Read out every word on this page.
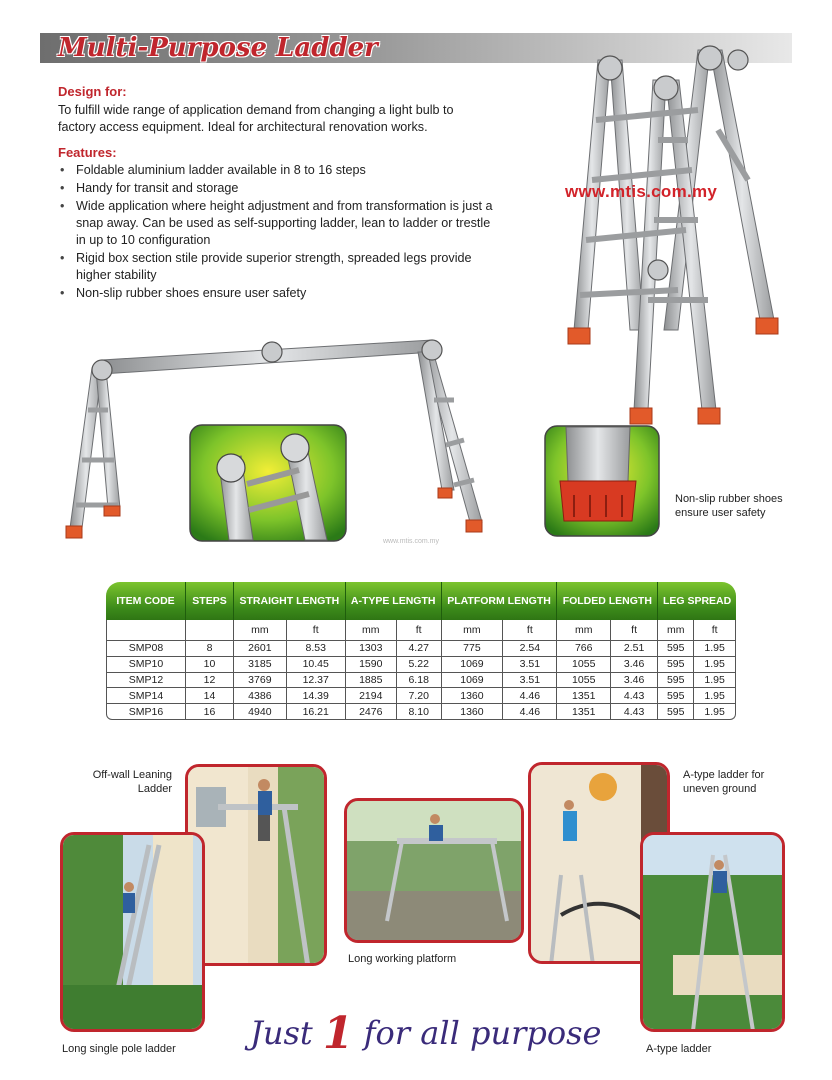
Multi-Purpose Ladder
Design for:
To fulfill wide range of application demand from changing a light bulb to factory access equipment. Ideal for architectural renovation works.
Features:
• Foldable aluminium ladder available in 8 to 16 steps
• Handy for transit and storage
• Wide application where height adjustment and from transformation is just a snap away. Can be used as self-supporting ladder, lean to ladder or trestle in up to 10 configuration
• Rigid box section stile provide superior strength, spreaded legs provide higher stability
• Non-slip rubber shoes ensure user safety
www.mtis.com.my
Non-slip rubber shoes ensure user safety
www.mtis.com.my
ITEM CODE	STEPS	STRAIGHT LENGTH		A-TYPE LENGTH		PLATFORM LENGTH		FOLDED LENGTH		LEG SPREAD	
		mm	ft	mm	ft	mm	ft	mm	ft	mm	ft
SMP08	8	2601	8.53	1303	4.27	775	2.54	766	2.51	595	1.95
SMP10	10	3185	10.45	1590	5.22	1069	3.51	1055	3.46	595	1.95
SMP12	12	3769	12.37	1885	6.18	1069	3.51	1055	3.46	595	1.95
SMP14	14	4386	14.39	2194	7.20	1360	4.46	1351	4.43	595	1.95
SMP16	16	4940	16.21	2476	8.10	1360	4.46	1351	4.43	595	1.95
Off-wall Leaning Ladder
Long single pole ladder
Long working platform
A-type ladder for uneven ground
A-type ladder
Just 1 for all purpose
